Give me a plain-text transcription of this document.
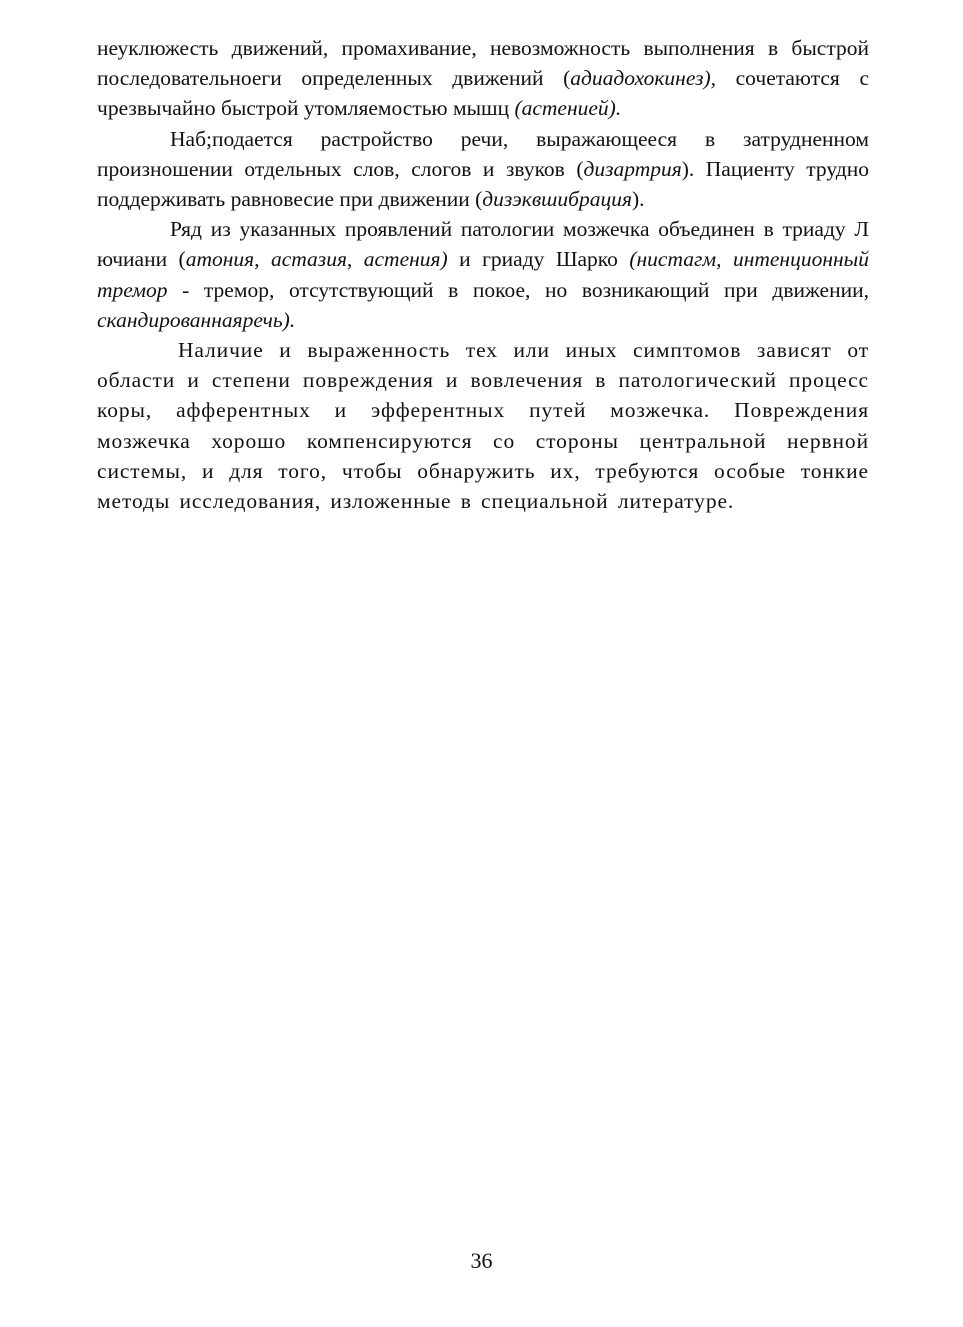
неуклюжесть движений, промахивание, невозможность выполнения в быстрой последовательноеги определенных движений (адиадохокинез), сочетаются с чрезвычайно быстрой утомляемостью мышц (астенией).

Наб;подается растройство речи, выражающееся в затрудненном произношении отдельных слов, слогов и звуков (дизартрия). Пациенту трудно поддерживать равновесие при движении (дизэквшибрация).

Ряд из указанных проявлений патологии мозжечка объединен в триаду Л ючиани (атония, астазия, астения) и гриаду Шарко (нистагм, интенционный тремор - тремор, отсутствующий в покое, но возникающий при движении, скандированнаяречь).

Наличие и выраженность тех или иных симптомов зависят от области и степени повреждения и вовлечения в патологический процесс коры, афферентных и эфферентных путей мозжечка. Повреждения мозжечка хорошо компенсируются со стороны центральной нервной системы, и для того, чтобы обнаружить их, требуются особые тонкие методы исследования, изложенные в специальной литературе.

36
